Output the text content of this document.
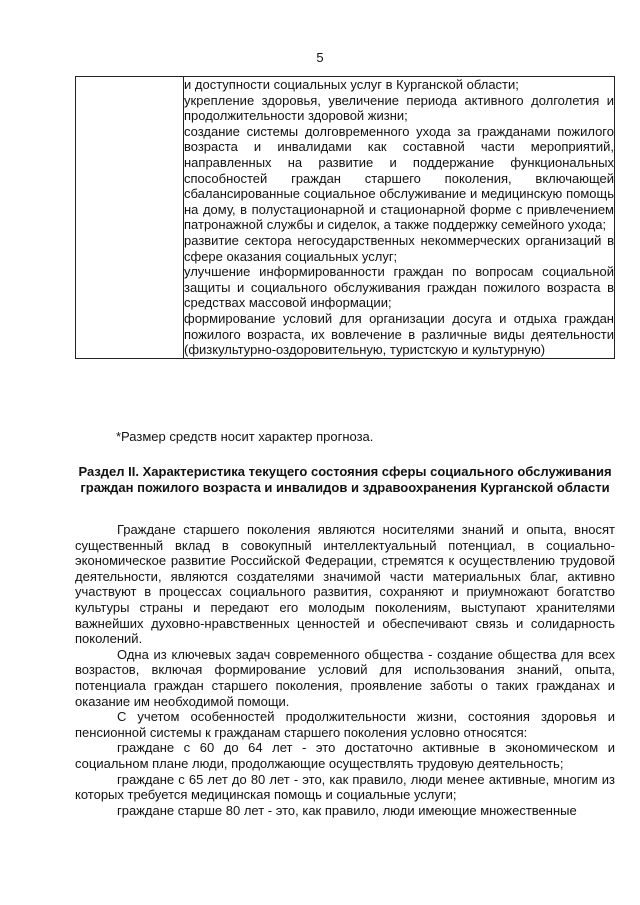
5

и доступности социальных услуг в Курганской области;
укрепление здоровья, увеличение периода активного долголетия и продолжительности здоровой жизни;
создание системы долговременного ухода за гражданами пожилого возраста и инвалидами как составной части мероприятий, направленных на развитие и поддержание функциональных способностей граждан старшего поколения, включающей сбалансированные социальное обслуживание и медицинскую помощь на дому, в полустационарной и стационарной форме с привлечением патронажной службы и сиделок, а также поддержку семейного ухода;
развитие сектора негосударственных некоммерческих организаций в сфере оказания социальных услуг;
улучшение информированности граждан по вопросам социальной защиты и социального обслуживания граждан пожилого возраста в средствах массовой информации;
формирование условий для организации досуга и отдыха граждан пожилого возраста, их вовлечение в различные виды деятельности (физкультурно-оздоровительную, туристскую и культурную)
*Размер средств носит характер прогноза.
Раздел II. Характеристика текущего состояния сферы социального обслуживания граждан пожилого возраста и инвалидов и здравоохранения Курганской области

Граждане старшего поколения являются носителями знаний и опыта, вносят существенный вклад в совокупный интеллектуальный потенциал, в социально-экономическое развитие Российской Федерации, стремятся к осуществлению трудовой деятельности, являются создателями значимой части материальных благ, активно участвуют в процессах социального развития, сохраняют и приумножают богатство культуры страны и передают его молодым поколениям, выступают хранителями важнейших духовно-нравственных ценностей и обеспечивают связь и солидарность поколений.

Одна из ключевых задач современного общества - создание общества для всех возрастов, включая формирование условий для использования знаний, опыта, потенциала граждан старшего поколения, проявление заботы о таких гражданах и оказание им необходимой помощи.

С учетом особенностей продолжительности жизни, состояния здоровья и пенсионной системы к гражданам старшего поколения условно относятся:

граждане с 60 до 64 лет - это достаточно активные в экономическом и социальном плане люди, продолжающие осуществлять трудовую деятельность;

граждане с 65 лет до 80 лет - это, как правило, люди менее активные, многим из которых требуется медицинская помощь и социальные услуги;

граждане старше 80 лет - это, как правило, люди имеющие множественные
